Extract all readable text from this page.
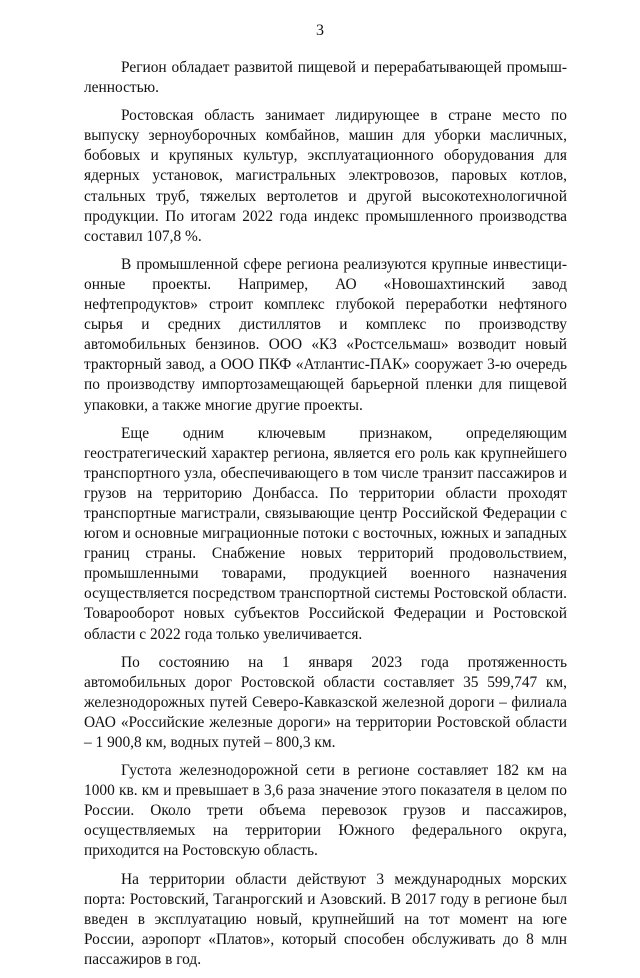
3

Регион обладает развитой пищевой и перерабатывающей промышленностью.

Ростовская область занимает лидирующее в стране место по выпуску зерноуборочных комбайнов, машин для уборки масличных, бобовых и крупяных культур, эксплуатационного оборудования для ядерных установок, магистральных электровозов, паровых котлов, стальных труб, тяжелых вертолетов и другой высокотехнологичной продукции. По итогам 2022 года индекс промышленного производства составил 107,8 %.

В промышленной сфере региона реализуются крупные инвестиционные проекты. Например, АО «Новошахтинский завод нефтепродуктов» строит комплекс глубокой переработки нефтяного сырья и средних дистиллятов и комплекс по производству автомобильных бензинов. ООО «КЗ «Ростсельмаш» возводит новый тракторный завод, а ООО ПКФ «Атлантис-ПАК» сооружает 3-ю очередь по производству импортозамещающей барьерной пленки для пищевой упаковки, а также многие другие проекты.

Еще одним ключевым признаком, определяющим геостратегический характер региона, является его роль как крупнейшего транспортного узла, обеспечивающего в том числе транзит пассажиров и грузов на территорию Донбасса. По территории области проходят транспортные магистрали, связывающие центр Российской Федерации с югом и основные миграционные потоки с восточных, южных и западных границ страны. Снабжение новых территорий продовольствием, промышленными товарами, продукцией военного назначения осуществляется посредством транспортной системы Ростовской области. Товарооборот новых субъектов Российской Федерации и Ростовской области с 2022 года только увеличивается.

По состоянию на 1 января 2023 года протяженность автомобильных дорог Ростовской области составляет 35 599,747 км, железнодорожных путей Северо-Кавказской железной дороги – филиала ОАО «Российские железные дороги» на территории Ростовской области – 1 900,8 км, водных путей – 800,3 км.

Густота железнодорожной сети в регионе составляет 182 км на 1000 кв. км и превышает в 3,6 раза значение этого показателя в целом по России. Около трети объема перевозок грузов и пассажиров, осуществляемых на территории Южного федерального округа, приходится на Ростовскую область.

На территории области действуют 3 международных морских порта: Ростовский, Таганрогский и Азовский. В 2017 году в регионе был введен в эксплуатацию новый, крупнейший на тот момент на юге России, аэропорт «Платов», который способен обслуживать до 8 млн пассажиров в год.
